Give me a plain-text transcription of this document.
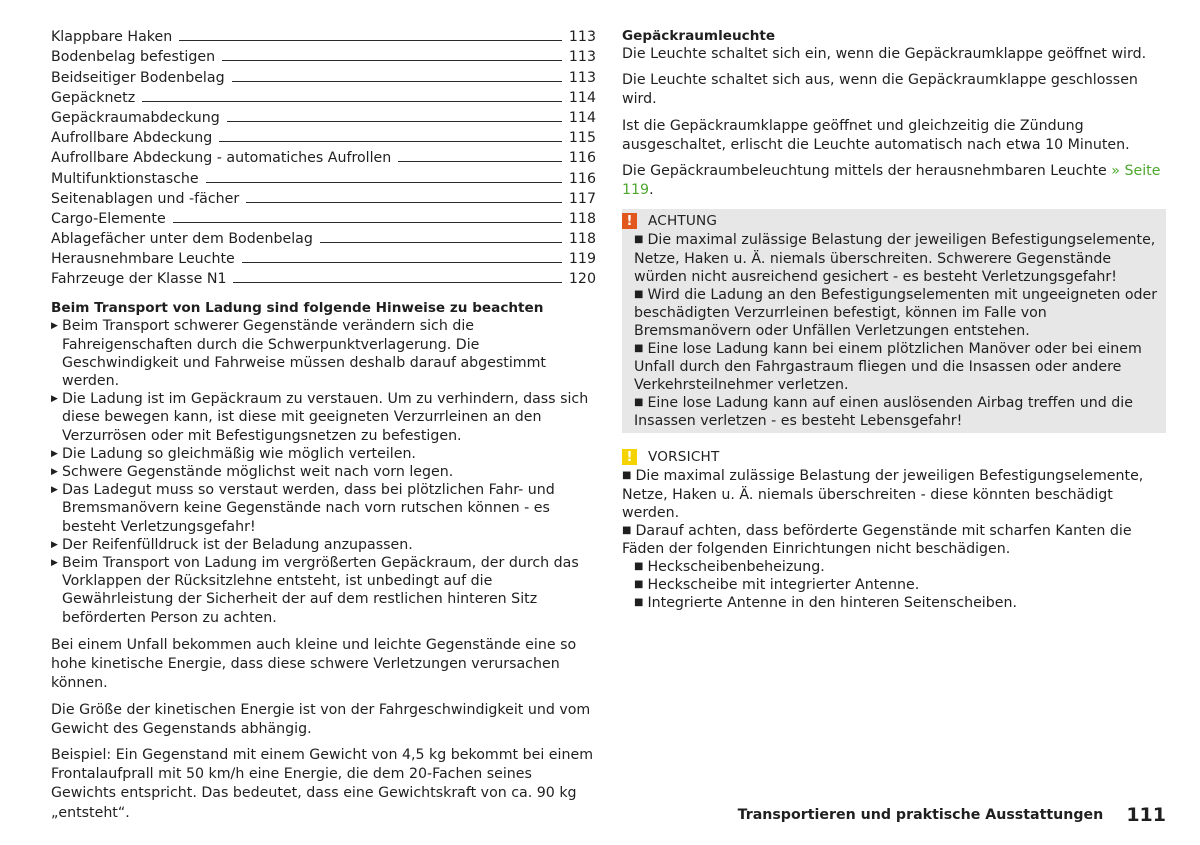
Klappbare Haken	113
Bodenbelag befestigen	113
Beidseitiger Bodenbelag	113
Gepäcknetz	114
Gepäckraumabdeckung	114
Aufrollbare Abdeckung	115
Aufrollbare Abdeckung - automatiches Aufrollen	116
Multifunktionstasche	116
Seitenablagen und -fächer	117
Cargo-Elemente	118
Ablagefächer unter dem Bodenbelag	118
Herausnehmbare Leuchte	119
Fahrzeuge der Klasse N1	120
Beim Transport von Ladung sind folgende Hinweise zu beachten
▶ Beim Transport schwerer Gegenstände verändern sich die Fahreigenschaften durch die Schwerpunktverlagerung. Die Geschwindigkeit und Fahrweise müssen deshalb darauf abgestimmt werden.
▶ Die Ladung ist im Gepäckraum zu verstauen. Um zu verhindern, dass sich diese bewegen kann, ist diese mit geeigneten Verzurrleinen an den Verzurrösen oder mit Befestigungsnetzen zu befestigen.
▶ Die Ladung so gleichmäßig wie möglich verteilen.
▶ Schwere Gegenstände möglichst weit nach vorn legen.
▶ Das Ladegut muss so verstaut werden, dass bei plötzlichen Fahr- und Bremsmanövern keine Gegenstände nach vorn rutschen können - es besteht Verletzungsgefahr!
▶ Der Reifenfülldruck ist der Beladung anzupassen.
▶ Beim Transport von Ladung im vergrößerten Gepäckraum, der durch das Vorklappen der Rücksitzlehne entsteht, ist unbedingt auf die Gewährleistung der Sicherheit der auf dem restlichen hinteren Sitz beförderten Person zu achten.

Bei einem Unfall bekommen auch kleine und leichte Gegenstände eine so hohe kinetische Energie, dass diese schwere Verletzungen verursachen können.

Die Größe der kinetischen Energie ist von der Fahrgeschwindigkeit und vom Gewicht des Gegenstands abhängig.

Beispiel: Ein Gegenstand mit einem Gewicht von 4,5 kg bekommt bei einem Frontalaufprall mit 50 km/h eine Energie, die dem 20-Fachen seines Gewichts entspricht. Das bedeutet, dass eine Gewichtskraft von ca. 90 kg „entsteht“.

Gepäckraumleuchte

Die Leuchte schaltet sich ein, wenn die Gepäckraumklappe geöffnet wird.

Die Leuchte schaltet sich aus, wenn die Gepäckraumklappe geschlossen wird.

Ist die Gepäckraumklappe geöffnet und gleichzeitig die Zündung ausgeschaltet, erlischt die Leuchte automatisch nach etwa 10 Minuten.

Die Gepäckraumbeleuchtung mittels der herausnehmbaren Leuchte » Seite 119.

!	ACHTUNG
■ Die maximal zulässige Belastung der jeweiligen Befestigungselemente, Netze, Haken u. Ä. niemals überschreiten. Schwerere Gegenstände würden nicht ausreichend gesichert - es besteht Verletzungsgefahr!
■ Wird die Ladung an den Befestigungselementen mit ungeeigneten oder beschädigten Verzurrleinen befestigt, können im Falle von Bremsmanövern oder Unfällen Verletzungen entstehen.
■ Eine lose Ladung kann bei einem plötzlichen Manöver oder bei einem Unfall durch den Fahrgastraum fliegen und die Insassen oder andere Verkehrsteilnehmer verletzen.
■ Eine lose Ladung kann auf einen auslösenden Airbag treffen und die Insassen verletzen - es besteht Lebensgefahr!
!	VORSICHT
■ Die maximal zulässige Belastung der jeweiligen Befestigungselemente, Netze, Haken u. Ä. niemals überschreiten - diese könnten beschädigt werden.
■ Darauf achten, dass beförderte Gegenstände mit scharfen Kanten die Fäden der folgenden Einrichtungen nicht beschädigen.
■ Heckscheibenbeheizung.
■ Heckscheibe mit integrierter Antenne.
■ Integrierte Antenne in den hinteren Seitenscheiben.
Transportieren und praktische Ausstattungen 111
